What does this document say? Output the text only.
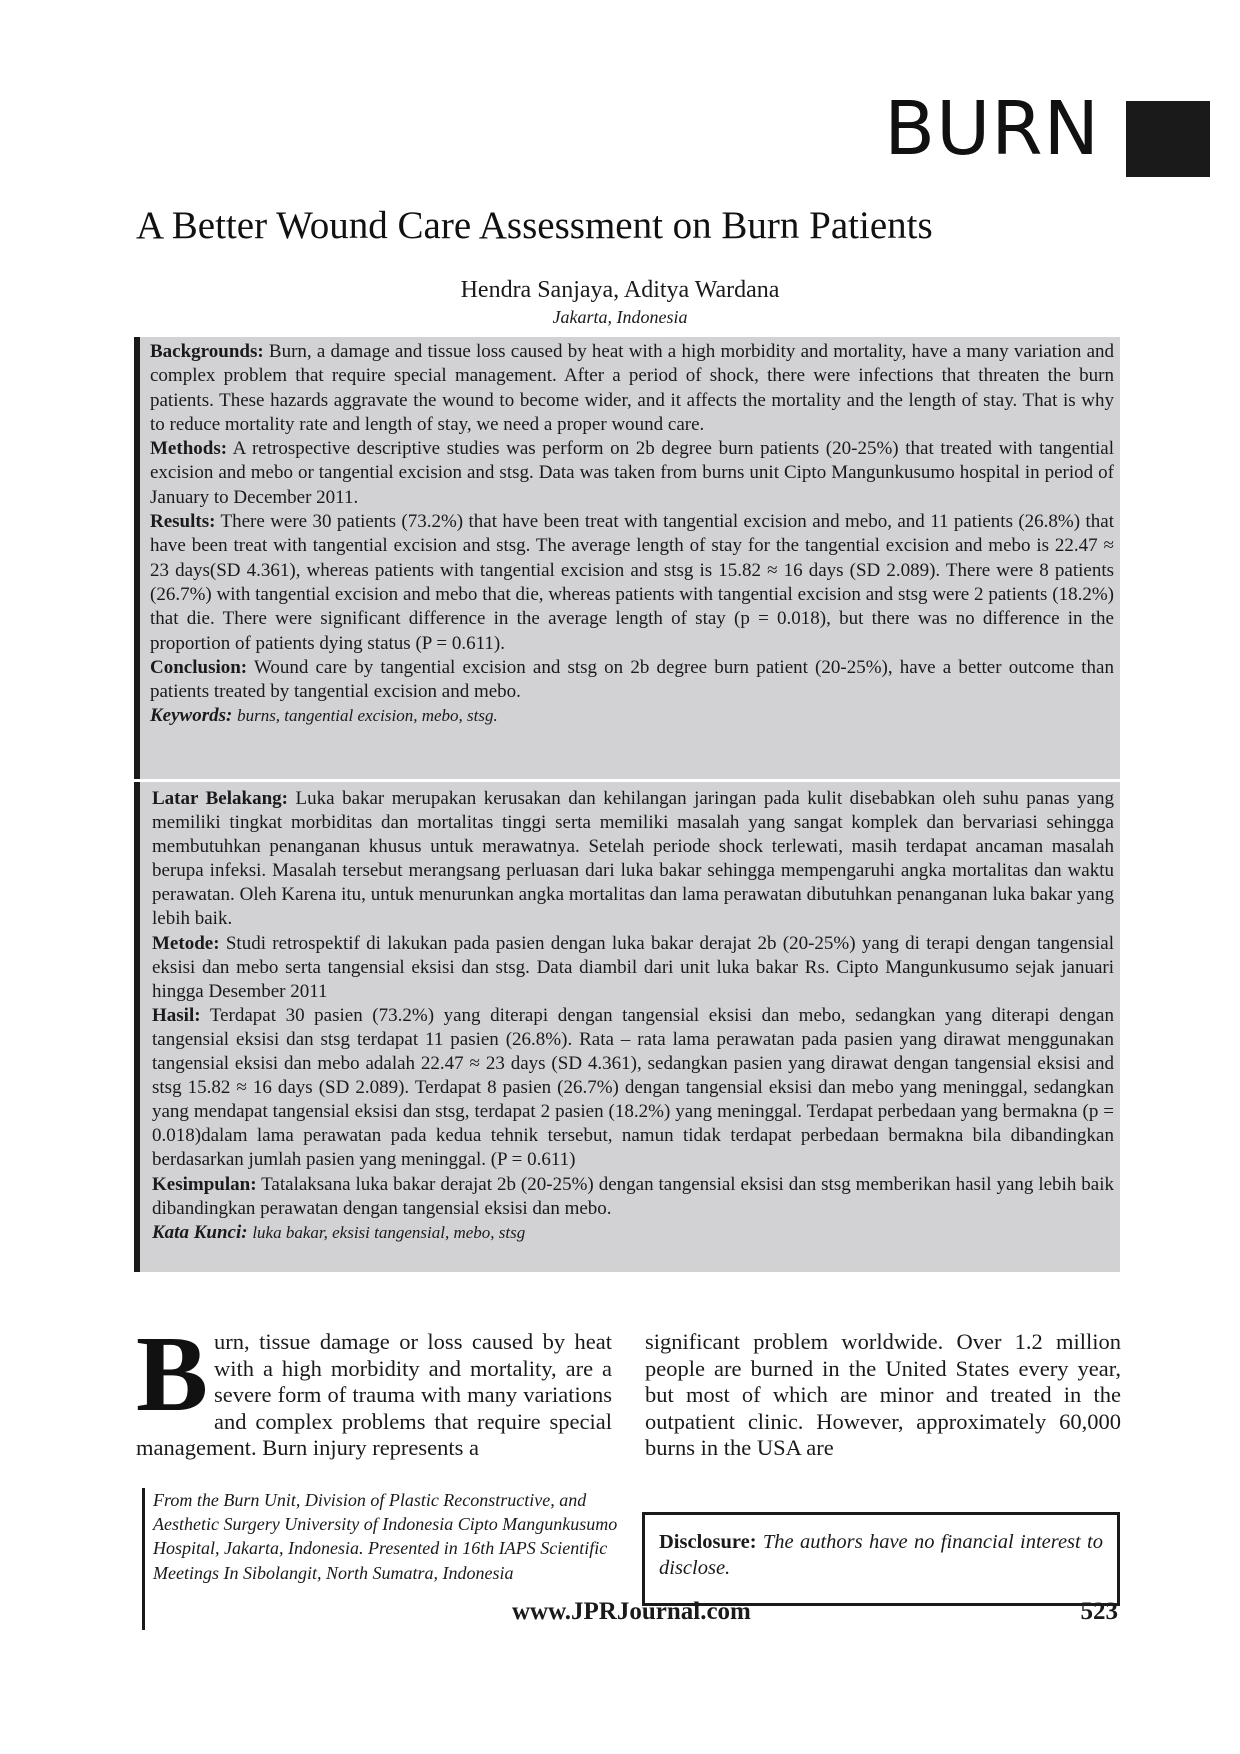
BURN
A Better Wound Care Assessment on Burn Patients
Hendra Sanjaya, Aditya Wardana
Jakarta, Indonesia

Backgrounds: Burn, a damage and tissue loss caused by heat with a high morbidity and mortality, have a many variation and complex problem that require special management. After a period of shock, there were infections that threaten the burn patients. These hazards aggravate the wound to become wider, and it affects the mortality and the length of stay. That is why to reduce mortality rate and length of stay, we need a proper wound care.

Methods: A retrospective descriptive studies was perform on 2b degree burn patients (20-25%) that treated with tangential excision and mebo or tangential excision and stsg. Data was taken from burns unit Cipto Mangunkusumo hospital in period of January to December 2011.

Results: There were 30 patients (73.2%) that have been treat with tangential excision and mebo, and 11 patients (26.8%) that have been treat with tangential excision and stsg. The average length of stay for the tangential excision and mebo is 22.47 ≈ 23 days(SD 4.361), whereas patients with tangential excision and stsg is 15.82 ≈ 16 days (SD 2.089). There were 8 patients (26.7%) with tangential excision and mebo that die, whereas patients with tangential excision and stsg were 2 patients (18.2%) that die. There were significant difference in the average length of stay (p = 0.018), but there was no difference in the proportion of patients dying status (P = 0.611).

Conclusion: Wound care by tangential excision and stsg on 2b degree burn patient (20-25%), have a better outcome than patients treated by tangential excision and mebo.

Keywords: burns, tangential excision, mebo, stsg.

Latar Belakang: Luka bakar merupakan kerusakan dan kehilangan jaringan pada kulit disebabkan oleh suhu panas yang memiliki tingkat morbiditas dan mortalitas tinggi serta memiliki masalah yang sangat komplek dan bervariasi sehingga membutuhkan penanganan khusus untuk merawatnya. Setelah periode shock terlewati, masih terdapat ancaman masalah berupa infeksi. Masalah tersebut merangsang perluasan dari luka bakar sehingga mempengaruhi angka mortalitas dan waktu perawatan. Oleh Karena itu, untuk menurunkan angka mortalitas dan lama perawatan dibutuhkan penanganan luka bakar yang lebih baik.

Metode: Studi retrospektif di lakukan pada pasien dengan luka bakar derajat 2b (20-25%) yang di terapi dengan tangensial eksisi dan mebo serta tangensial eksisi dan stsg. Data diambil dari unit luka bakar Rs. Cipto Mangunkusumo sejak januari hingga Desember 2011

Hasil: Terdapat 30 pasien (73.2%) yang diterapi dengan tangensial eksisi dan mebo, sedangkan yang diterapi dengan tangensial eksisi dan stsg terdapat 11 pasien (26.8%). Rata – rata lama perawatan pada pasien yang dirawat menggunakan tangensial eksisi dan mebo adalah 22.47 ≈ 23 days (SD 4.361), sedangkan pasien yang dirawat dengan tangensial eksisi and stsg 15.82 ≈ 16 days (SD 2.089). Terdapat 8 pasien (26.7%) dengan tangensial eksisi dan mebo yang meninggal, sedangkan yang mendapat tangensial eksisi dan stsg, terdapat 2 pasien (18.2%) yang meninggal. Terdapat perbedaan yang bermakna (p = 0.018)dalam lama perawatan pada kedua tehnik tersebut, namun tidak terdapat perbedaan bermakna bila dibandingkan berdasarkan jumlah pasien yang meninggal. (P = 0.611)

Kesimpulan: Tatalaksana luka bakar derajat 2b (20-25%) dengan tangensial eksisi dan stsg memberikan hasil yang lebih baik dibandingkan perawatan dengan tangensial eksisi dan mebo.

Kata Kunci: luka bakar, eksisi tangensial, mebo, stsg

Burn, tissue damage or loss caused by heat with a high morbidity and mortality, are a severe form of trauma with many variations and complex problems that require special management. Burn injury represents a

significant problem worldwide. Over 1.2 million people are burned in the United States every year, but most of which are minor and treated in the outpatient clinic. However, approximately 60,000 burns in the USA are

From the Burn Unit, Division of Plastic Reconstructive, and Aesthetic Surgery University of Indonesia Cipto Mangunkusumo Hospital, Jakarta, Indonesia. Presented in 16th IAPS Scientific Meetings In Sibolangit, North Sumatra, Indonesia
Disclosure: The authors have no financial interest to disclose.
www.JPRJournal.com	523
